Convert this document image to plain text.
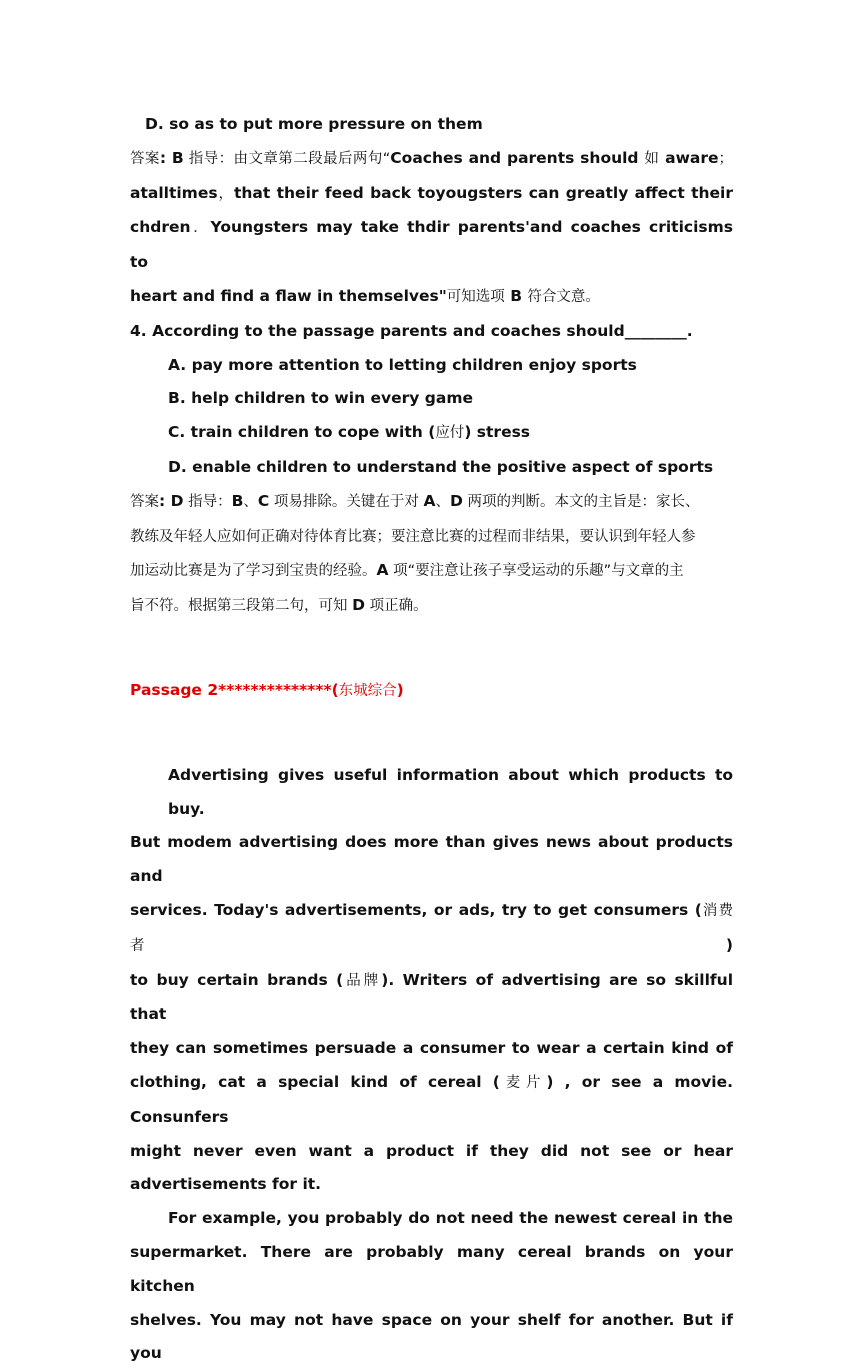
D. so as to put more pressure on them

答案: B 指导：由文章第二段最后两句“Coaches and parents should 如 aware；

atalltimes，that their feed back toyougsters can greatly affect their

chdren．Youngsters may take thdir parents'and coaches criticisms to

heart and find a flaw in themselves"可知选项 B 符合文意。

4. According to the passage parents and coaches should________.

A. pay more attention to letting children enjoy sports

B. help children to win every game

C. train children to cope with (应付) stress

D. enable children to understand the positive aspect of sports

答案: D 指导：B、C 项易排除。关键在于对 A、D 两项的判断。本文的主旨是：家长、

教练及年轻人应如何正确对待体育比赛；要注意比赛的过程而非结果，要认识到年轻人参

加运动比赛是为了学习到宝贵的经验。A 项“要注意让孩子享受运动的乐趣”与文章的主

旨不符。根据第三段第二句，可知 D 项正确。

Passage 2**************(东城综合)

Advertising gives useful information about which products to buy.

But modem advertising does more than gives news about products and

services. Today's advertisements, or ads, try to get consumers (消费者)

to buy certain brands (品牌). Writers of advertising are so skillful that

they can sometimes persuade a consumer to wear a certain kind of

clothing, cat a special kind of cereal (麦片) , or see a movie. Consunfers

might never even want a product if they did not see or hear

advertisements for it.

For example, you probably do not need the newest cereal in the

supermarket. There are probably many cereal brands on your kitchen

shelves. You may not have space on your shelf for another. But if you
